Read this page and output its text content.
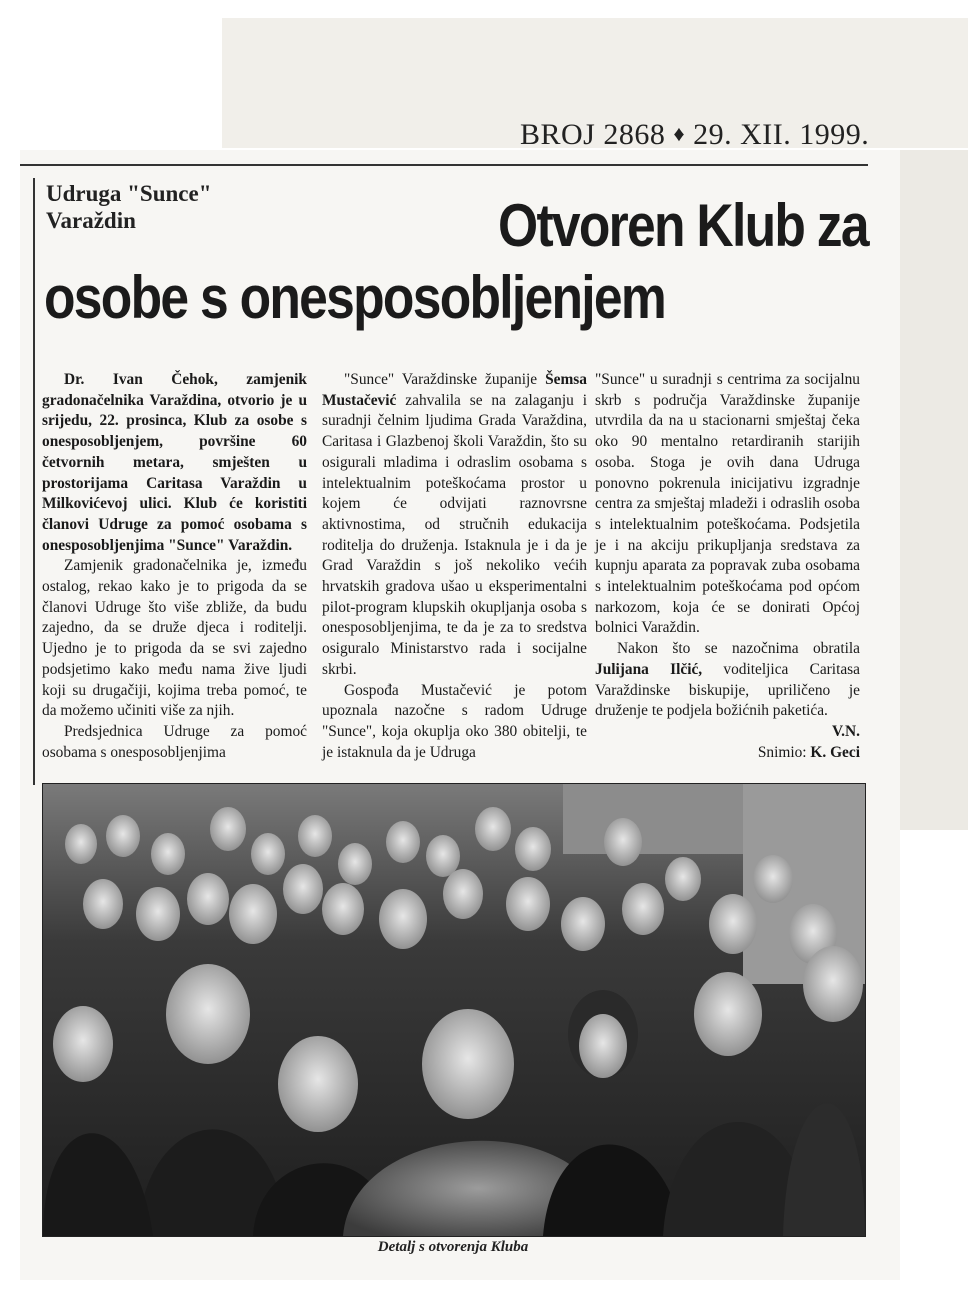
BROJ 2868 ♦ 29. XII. 1999.
Udruga "Sunce"
Varaždin	Otvoren Klub za
osobe s onesposobljenjem

Dr. Ivan Čehok, zamjenik gradonačelnika Varaždina, otvorio je u srijedu, 22. prosinca, Klub za osobe s onesposobljenjem, površine 60 četvornih metara, smješten u prostorijama Caritasa Varaždin u Milkovićevoj ulici. Klub će koristiti članovi Udruge za pomoć osobama s onesposobljenjima "Sunce" Varaždin.

Zamjenik gradonačelnika je, između ostalog, rekao kako je to prigoda da se članovi Udruge što više zbliže, da budu zajedno, da se druže djeca i roditelji. Ujedno je to prigoda da se svi zajedno podsjetimo kako među nama žive ljudi koji su drugačiji, kojima treba pomoć, te da možemo učiniti više za njih.

Predsjednica Udruge za pomoć osobama s onesposobljenjima

"Sunce" Varaždinske županije Šemsa Mustačević zahvalila se na zalaganju i suradnji čelnim ljudima Grada Varaždina, Caritasa i Glazbenoj školi Varaždin, što su osigurali mladima i odraslim osobama s intelektualnim poteškoćama prostor u kojem će odvijati raznovrsne aktivnostima, od stručnih edukacija roditelja do druženja. Istaknula je i da je Grad Varaždin s još nekoliko većih hrvatskih gradova ušao u eksperimentalni pilot-program klupskih okupljanja osoba s onesposobljenjima, te da je za to sredstva osiguralo Ministarstvo rada i socijalne skrbi.

Gospođa Mustačević je potom upoznala nazočne s radom Udruge "Sunce", koja okuplja oko 380 obitelji, te je istaknula da je Udruga

"Sunce" u suradnji s centrima za socijalnu skrb s područja Varaždinske županije utvrdila da na u stacionarni smještaj čeka oko 90 mentalno retardiranih starijih osoba. Stoga je ovih dana Udruga ponovno pokrenula inicijativu izgradnje centra za smještaj mladeži i odraslih osoba s intelektualnim poteškoćama. Podsjetila je i na akciju prikupljanja sredstava za kupnju aparata za popravak zuba osobama s intelektualnim poteškoćama pod općom narkozom, koja će se donirati Općoj bolnici Varaždin.

Nakon što se nazočnima obratila Julijana Ilčić, voditeljica Caritasa Varaždinske biskupije, upriličeno je druženje te podjela božićnih paketića.

V.N.

Snimio: K. Geci

Detalj s otvorenja Kluba
